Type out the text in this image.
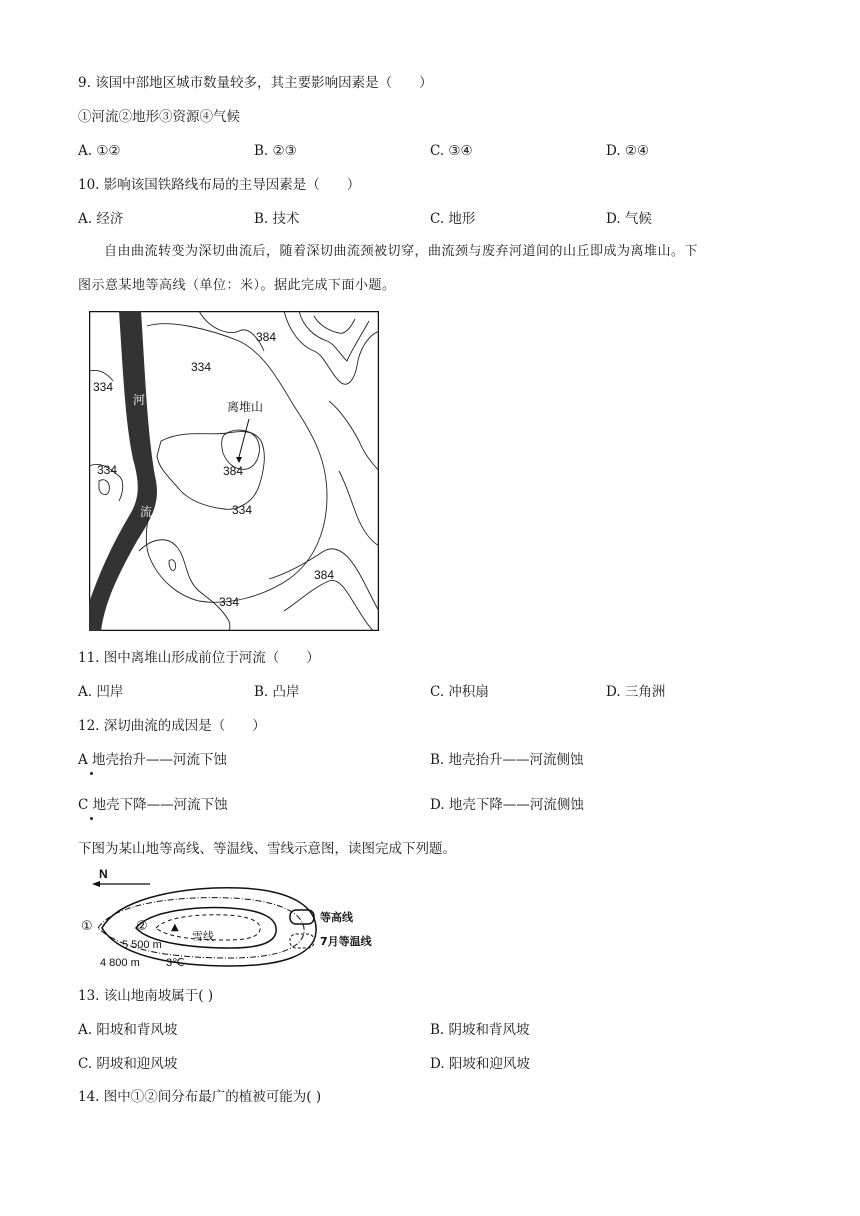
9. 该国中部地区城市数量较多，其主要影响因素是（　　）
①河流②地形③资源④气候
A. ①②	B. ②③	C. ③④	D. ②④
10. 影响该国铁路线布局的主导因素是（　　）
A. 经济	B. 技术	C. 地形	D. 气候
自由曲流转变为深切曲流后，随着深切曲流颈被切穿，曲流颈与废弃河道间的山丘即成为离堆山。下
图示意某地等高线（单位：米）。据此完成下面小题。
384
334
334
334	384
334
384
334
河
流
离堆山
11. 图中离堆山形成前位于河流（　　）
A. 凹岸	B. 凸岸	C. 冲积扇	D. 三角洲
12. 深切曲流的成因是（　　）
A 地壳抬升——河流下蚀	B. 地壳抬升——河流侧蚀
C 地壳下降——河流下蚀	D. 地壳下降——河流侧蚀
下图为某山地等高线、等温线、雪线示意图，读图完成下列题。
N
①	② ▲
雪线
5 500 m
4 800 m 3℃
等高线
7月等温线
13. 该山地南坡属于( )
A. 阳坡和背风坡	B. 阴坡和背风坡
C. 阴坡和迎风坡	D. 阳坡和迎风坡
14. 图中①②间分布最广的植被可能为( )
